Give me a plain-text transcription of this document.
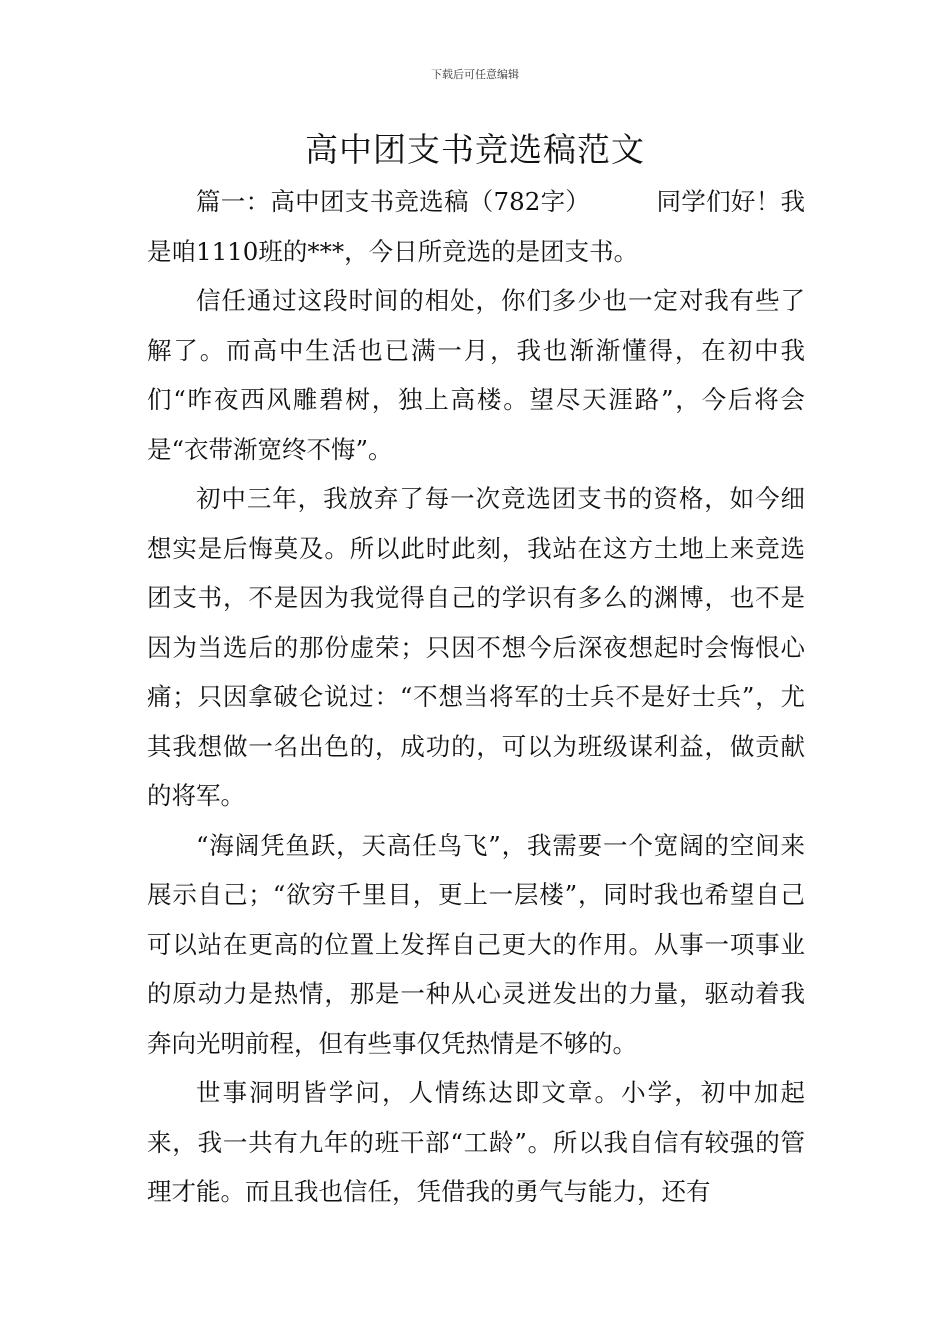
下载后可任意编辑
高中团支书竞选稿范文

篇一：高中团支书竞选稿（782字）	同学们好！我是咱1110班的***，今日所竞选的是团支书。

信任通过这段时间的相处，你们多少也一定对我有些了解了。而高中生活也已满一月，我也渐渐懂得，在初中我们“昨夜西风雕碧树，独上高楼。望尽天涯路”，今后将会是“衣带渐宽终不悔”。

初中三年，我放弃了每一次竞选团支书的资格，如今细想实是后悔莫及。所以此时此刻，我站在这方土地上来竞选团支书，不是因为我觉得自己的学识有多么的渊博，也不是因为当选后的那份虚荣；只因不想今后深夜想起时会悔恨心痛；只因拿破仑说过：“不想当将军的士兵不是好士兵”，尤其我想做一名出色的，成功的，可以为班级谋利益，做贡献的将军。

“海阔凭鱼跃，天高任鸟飞”，我需要一个宽阔的空间来展示自己；“欲穷千里目，更上一层楼”，同时我也希望自己可以站在更高的位置上发挥自己更大的作用。从事一项事业的原动力是热情，那是一种从心灵迸发出的力量，驱动着我奔向光明前程，但有些事仅凭热情是不够的。

世事洞明皆学问，人情练达即文章。小学，初中加起来，我一共有九年的班干部“工龄”。所以我自信有较强的管理才能。而且我也信任，凭借我的勇气与能力，还有
